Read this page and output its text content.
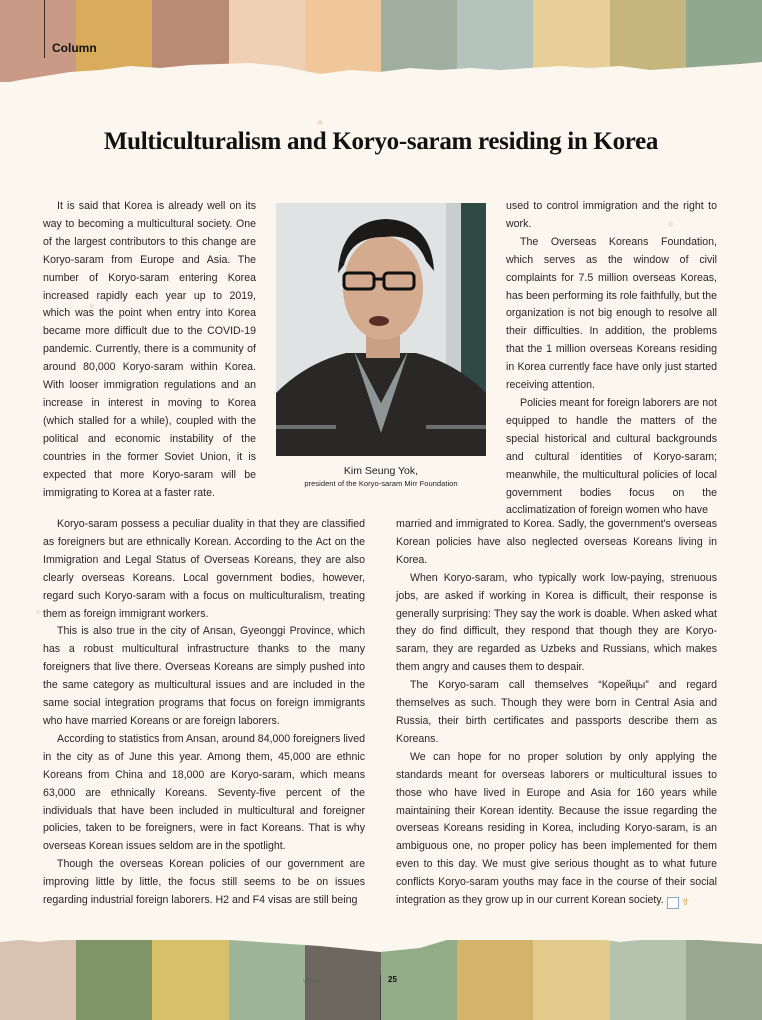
Column
Multiculturalism and Koryo-saram residing in Korea

It is said that Korea is already well on its way to becoming a multicultural society. One of the largest contributors to this change are Koryo-saram from Europe and Asia. The number of Koryo-saram entering Korea increased rapidly each year up to 2019, which was the point when entry into Korea became more difficult due to the COVID-19 pandemic. Currently, there is a community of around 80,000 Koryo-saram within Korea. With looser immigration regulations and an increase in interest in moving to Korea (which stalled for a while), coupled with the political and economic instability of the countries in the former Soviet Union, it is expected that more Koryo-saram will be immigrating to Korea at a faster rate.

Kim Seung Yok,
president of the Koryo-saram Mirr Foundation

used to control immigration and the right to work.

The Overseas Koreans Foundation, which serves as the window of civil complaints for 7.5 million overseas Koreas, has been performing its role faithfully, but the organization is not big enough to resolve all their difficulties. In addition, the problems that the 1 million overseas Koreans residing in Korea currently face have only just started receiving attention.

Policies meant for foreign laborers are not equipped to handle the matters of the special historical and cultural backgrounds and cultural identities of Koryo-saram; meanwhile, the multicultural policies of local government bodies focus on the acclimatization of foreign women who have

Koryo-saram possess a peculiar duality in that they are classified as foreigners but are ethnically Korean. According to the Act on the Immigration and Legal Status of Overseas Koreans, they are also clearly overseas Koreans. Local government bodies, however, regard such Koryo-saram with a focus on multiculturalism, treating them as foreign immigrant workers.

This is also true in the city of Ansan, Gyeonggi Province, which has a robust multicultural infrastructure thanks to the many foreigners that live there. Overseas Koreans are simply pushed into the same category as multicultural issues and are included in the same social integration programs that focus on foreign immigrants who have married Koreans or are foreign laborers.

According to statistics from Ansan, around 84,000 foreigners lived in the city as of June this year. Among them, 45,000 are ethnic Koreans from China and 18,000 are Koryo-saram, which means 63,000 are ethnically Koreans. Seventy-five percent of the individuals that have been included in multicultural and foreigner policies, taken to be foreigners, were in fact Koreans. That is why overseas Korean issues seldom are in the spotlight.

Though the overseas Korean policies of our government are improving little by little, the focus still seems to be on issues regarding industrial foreign laborers. H2 and F4 visas are still being

married and immigrated to Korea. Sadly, the government's overseas Korean policies have also neglected overseas Koreans living in Korea.

When Koryo-saram, who typically work low-paying, strenuous jobs, are asked if working in Korea is difficult, their response is generally surprising: They say the work is doable. When asked what they do find difficult, they respond that though they are Koryo-saram, they are regarded as Uzbeks and Russians, which makes them angry and causes them to despair.

The Koryo-saram call themselves “Корейцы” and regard themselves as such. Though they were born in Central Asia and Russia, their birth certificates and passports describe them as Koreans.

We can hope for no proper solution by only applying the standards meant for overseas laborers or multicultural issues to those who have lived in Europe and Asia for 160 years while maintaining their Korean identity. Because the issue regarding the overseas Koreans residing in Korea, including Koryo-saram, is an ambiguous one, no proper policy has been implemented for them even to this day. We must give serious thought as to what future conflicts Koryo-saram youths may face in the course of their social integration as they grow up in our current Korean society.	장

www.	25
